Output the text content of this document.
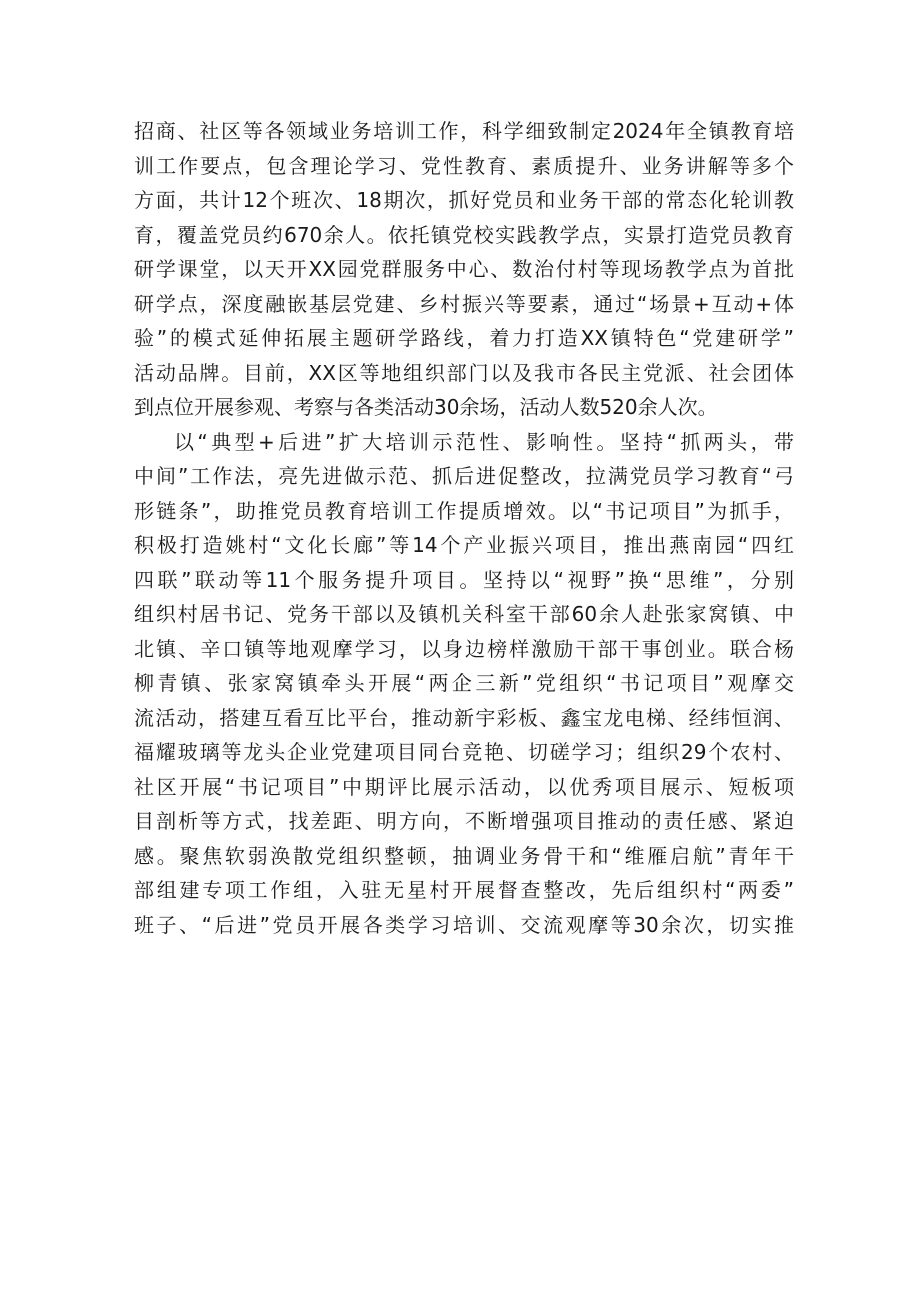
招商、社区等各领域业务培训工作，科学细致制定2024年全镇教育培
训工作要点，包含理论学习、党性教育、素质提升、业务讲解等多个
方面，共计12个班次、18期次，抓好党员和业务干部的常态化轮训教
育，覆盖党员约670余人。依托镇党校实践教学点，实景打造党员教育
研学课堂，以天开XX园党群服务中心、数治付村等现场教学点为首批
研学点，深度融嵌基层党建、乡村振兴等要素，通过“场景+互动+体
验”的模式延伸拓展主题研学路线，着力打造XX镇特色“党建研学”
活动品牌。目前，XX区等地组织部门以及我市各民主党派、社会团体
到点位开展参观、考察与各类活动30余场，活动人数520余人次。
以“典型+后进”扩大培训示范性、影响性。坚持“抓两头，带
中间”工作法，亮先进做示范、抓后进促整改，拉满党员学习教育“弓
形链条”，助推党员教育培训工作提质增效。以“书记项目”为抓手，
积极打造姚村“文化长廊”等14个产业振兴项目，推出燕南园“四红
四联”联动等11个服务提升项目。坚持以“视野”换“思维”，分别
组织村居书记、党务干部以及镇机关科室干部60余人赴张家窝镇、中
北镇、辛口镇等地观摩学习，以身边榜样激励干部干事创业。联合杨
柳青镇、张家窝镇牵头开展“两企三新”党组织“书记项目”观摩交
流活动，搭建互看互比平台，推动新宇彩板、鑫宝龙电梯、经纬恒润、
福耀玻璃等龙头企业党建项目同台竞艳、切磋学习；组织29个农村、
社区开展“书记项目”中期评比展示活动，以优秀项目展示、短板项
目剖析等方式，找差距、明方向，不断增强项目推动的责任感、紧迫
感。聚焦软弱涣散党组织整顿，抽调业务骨干和“维雁启航”青年干
部组建专项工作组，入驻无星村开展督查整改，先后组织村“两委”
班子、“后进”党员开展各类学习培训、交流观摩等30余次，切实推
